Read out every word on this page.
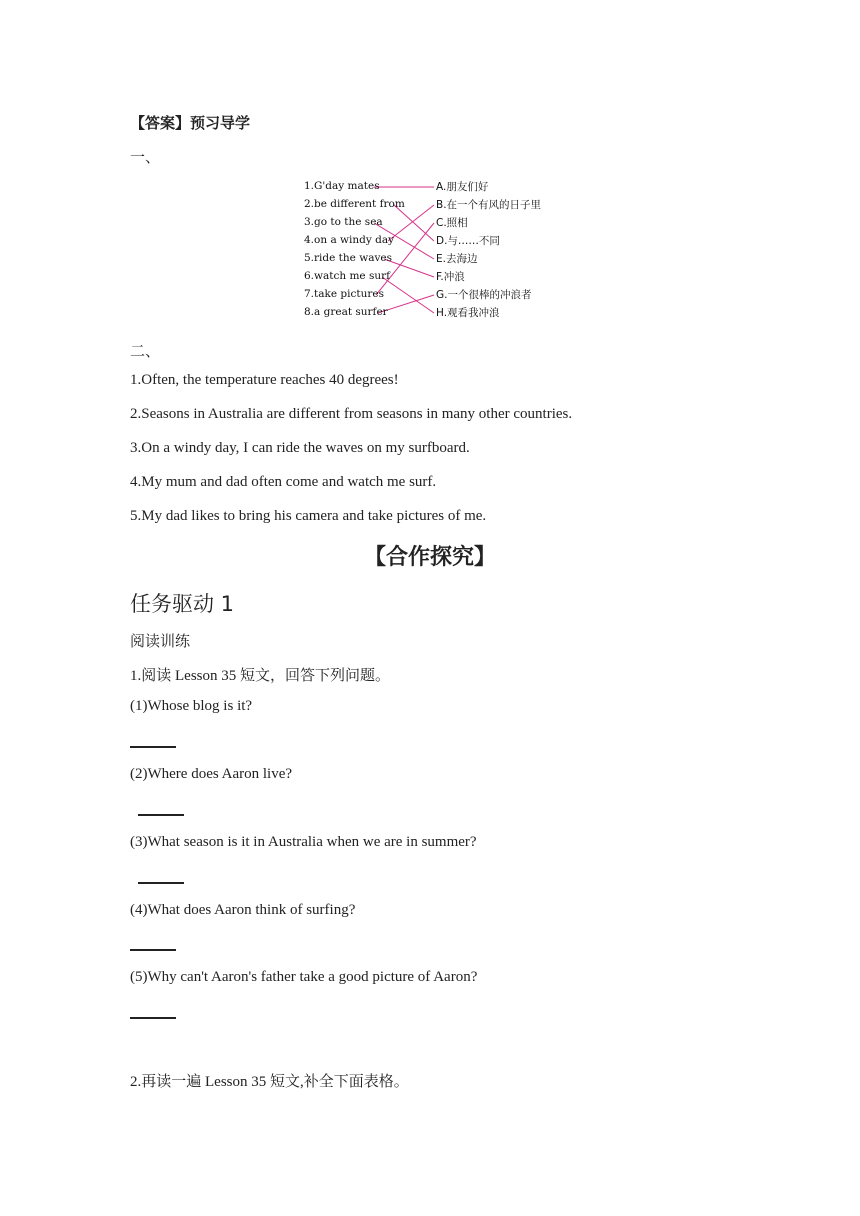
【答案】预习导学
一、
1.G'day mates
2.be different from
3.go to the sea
4.on a windy day
5.ride the waves
6.watch me surf
7.take pictures
8.a great surfer
A.朋友们好
B.在一个有风的日子里
C.照相
D.与……不同
E.去海边
F.冲浪
G.一个很棒的冲浪者
H.观看我冲浪
二、
1.Often, the temperature reaches 40 degrees!
2.Seasons in Australia are different from seasons in many other countries.
3.On a windy day, I can ride the waves on my surfboard.
4.My mum and dad often come and watch me surf.
5.My dad likes to bring his camera and take pictures of me.
【合作探究】
任务驱动 1
阅读训练
1.阅读 Lesson 35 短文，回答下列问题。
(1)Whose blog is it?
(2)Where does Aaron live?
(3)What season is it in Australia when we are in summer?
(4)What does Aaron think of surfing?
(5)Why can't Aaron's father take a good picture of Aaron?
2.再读一遍 Lesson 35 短文,补全下面表格。
